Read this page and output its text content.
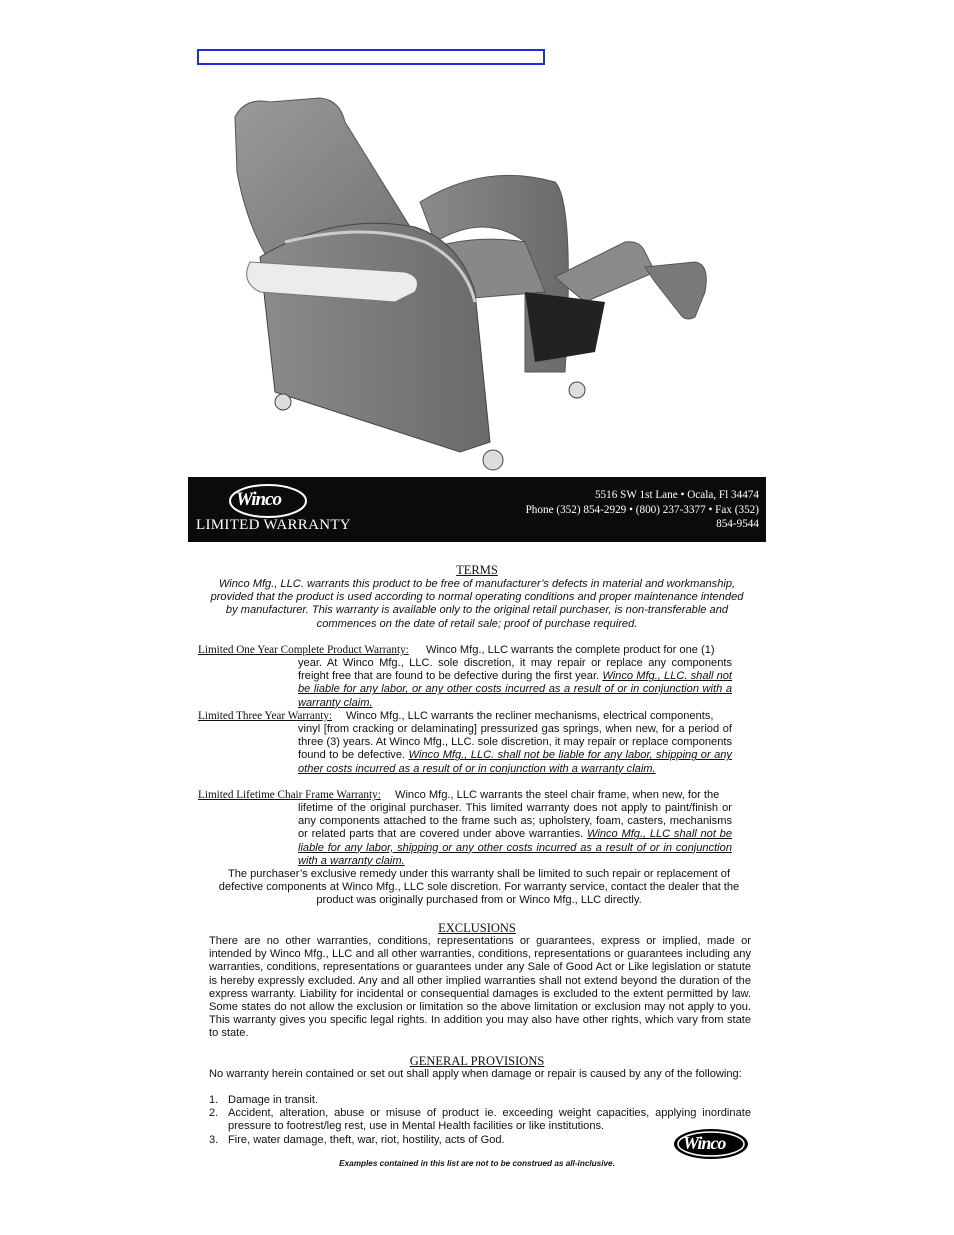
Winco
LIMITED WARRANTY
5516 SW 1st Lane • Ocala, Fl 34474
Phone (352) 854-2929 • (800) 237-3377 • Fax (352)
854-9544
TERMS
Winco Mfg., LLC. warrants this product to be free of manufacturer’s defects in material and workmanship, provided that the product is used according to normal operating conditions and proper maintenance intended by manufacturer. This warranty is available only to the original retail purchaser, is non-transferable and commences on the date of retail sale; proof of purchase required.
Limited One Year Complete Product Warranty: Winco Mfg., LLC warrants the complete product for one (1)
year. At Winco Mfg., LLC. sole discretion, it may repair or replace any components freight free that are found to be defective during the first year. Winco Mfg., LLC. shall not be liable for any labor, or any other costs incurred as a result of or in conjunction with a warranty claim.
Limited Three Year Warranty: Winco Mfg., LLC warrants the recliner mechanisms, electrical components,
vinyl [from cracking or delaminating] pressurized gas springs, when new, for a period of three (3) years. At Winco Mfg., LLC. sole discretion, it may repair or replace components found to be defective. Winco Mfg., LLC. shall not be liable for any labor, shipping or any other costs incurred as a result of or in conjunction with a warranty claim.
Limited Lifetime Chair Frame Warranty: Winco Mfg., LLC warrants the steel chair frame, when new, for the
lifetime of the original purchaser. This limited warranty does not apply to paint/finish or any components attached to the frame such as; upholstery, foam, casters, mechanisms or related parts that are covered under above warranties. Winco Mfg., LLC shall not be liable for any labor, shipping or any other costs incurred as a result of or in conjunction with a warranty claim.
The purchaser’s exclusive remedy under this warranty shall be limited to such repair or replacement of defective components at Winco Mfg., LLC sole discretion. For warranty service, contact the dealer that the product was originally purchased from or Winco Mfg., LLC directly.
EXCLUSIONS
There are no other warranties, conditions, representations or guarantees, express or implied, made or intended by Winco Mfg., LLC and all other warranties, conditions, representations or guarantees including any warranties, conditions, representations or guarantees under any Sale of Good Act or Like legislation or statute is hereby expressly excluded. Any and all other implied warranties shall not extend beyond the duration of the express warranty. Liability for incidental or consequential damages is excluded to the extent permitted by law. Some states do not allow the exclusion or limitation so the above limitation or exclusion may not apply to you. This warranty gives you specific legal rights. In addition you may also have other rights, which vary from state to state.
GENERAL PROVISIONS
No warranty herein contained or set out shall apply when damage or repair is caused by any of the following:
1. Damage in transit.
2. Accident, alteration, abuse or misuse of product ie. exceeding weight capacities, applying inordinate pressure to footrest/leg rest, use in Mental Health facilities or like institutions.
3. Fire, water damage, theft, war, riot, hostility, acts of God.	Winco
Examples contained in this list are not to be construed as all-inclusive.
